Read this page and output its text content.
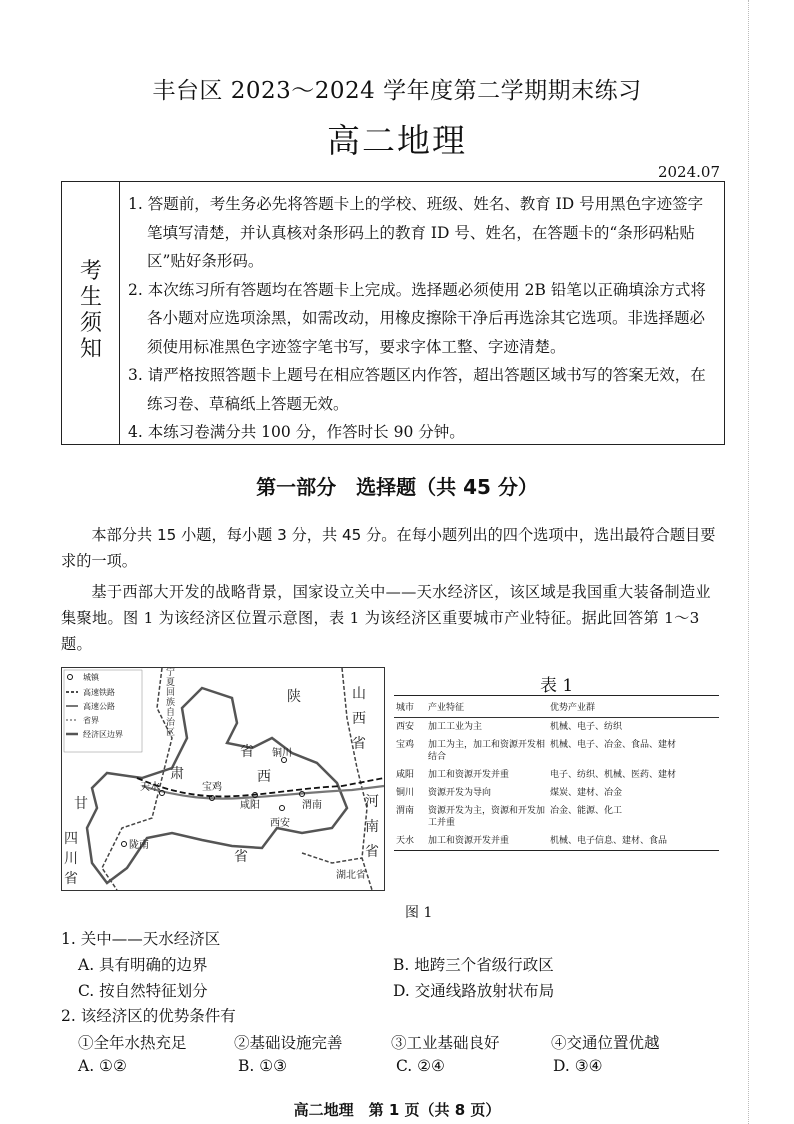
丰台区 2023～2024 学年度第二学期期末练习
高二地理
2024.07
考
生
须
知
1. 答题前，考生务必先将答题卡上的学校、班级、姓名、教育 ID 号用黑色字迹签字笔填写清楚，并认真核对条形码上的教育 ID 号、姓名，在答题卡的“条形码粘贴区”贴好条形码。
2. 本次练习所有答题均在答题卡上完成。选择题必须使用 2B 铅笔以正确填涂方式将各小题对应选项涂黑，如需改动，用橡皮擦除干净后再选涂其它选项。非选择题必须使用标准黑色字迹签字笔书写，要求字体工整、字迹清楚。
3. 请严格按照答题卡上题号在相应答题区内作答，超出答题区域书写的答案无效，在练习卷、草稿纸上答题无效。
4. 本练习卷满分共 100 分，作答时长 90 分钟。
第一部分　选择题（共 45 分）
本部分共 15 小题，每小题 3 分，共 45 分。在每小题列出的四个选项中，选出最符合题目要求的一项。
基于西部大开发的战略背景，国家设立关中——天水经济区，该区域是我国重大装备制造业集聚地。图 1 为该经济区位置示意图，表 1 为该经济区重要城市产业特征。据此回答第 1～3 题。
城镇
高速铁路
高速公路
省界
经济区边界
陕
省
西
山
西
省
甘
肃
省
河
南
省
四
川
省	湖北省
宁夏回族自治区
天水	宝鸡
咸阳
西安
渭南
铜川
陇南
表 1
城市	产业特征	优势产业群
西安	加工工业为主	机械、电子、纺织
宝鸡	加工为主，加工和资源开发相结合	机械、电子、冶金、食品、建材
咸阳	加工和资源开发并重	电子、纺织、机械、医药、建材
铜川	资源开发为导向	煤炭、建材、冶金
渭南	资源开发为主，资源和开发加工并重	冶金、能源、化工
天水	加工和资源开发并重	机械、电子信息、建材、食品
图 1
1. 关中——天水经济区
A. 具有明确的边界	B. 地跨三个省级行政区
C. 按自然特征划分	D. 交通线路放射状布局
2. 该经济区的优势条件有
①全年水热充足	②基础设施完善	③工业基础良好	④交通位置优越
A. ①②	B. ①③	C. ②④	D. ③④
高二地理　第 1 页（共 8 页）
